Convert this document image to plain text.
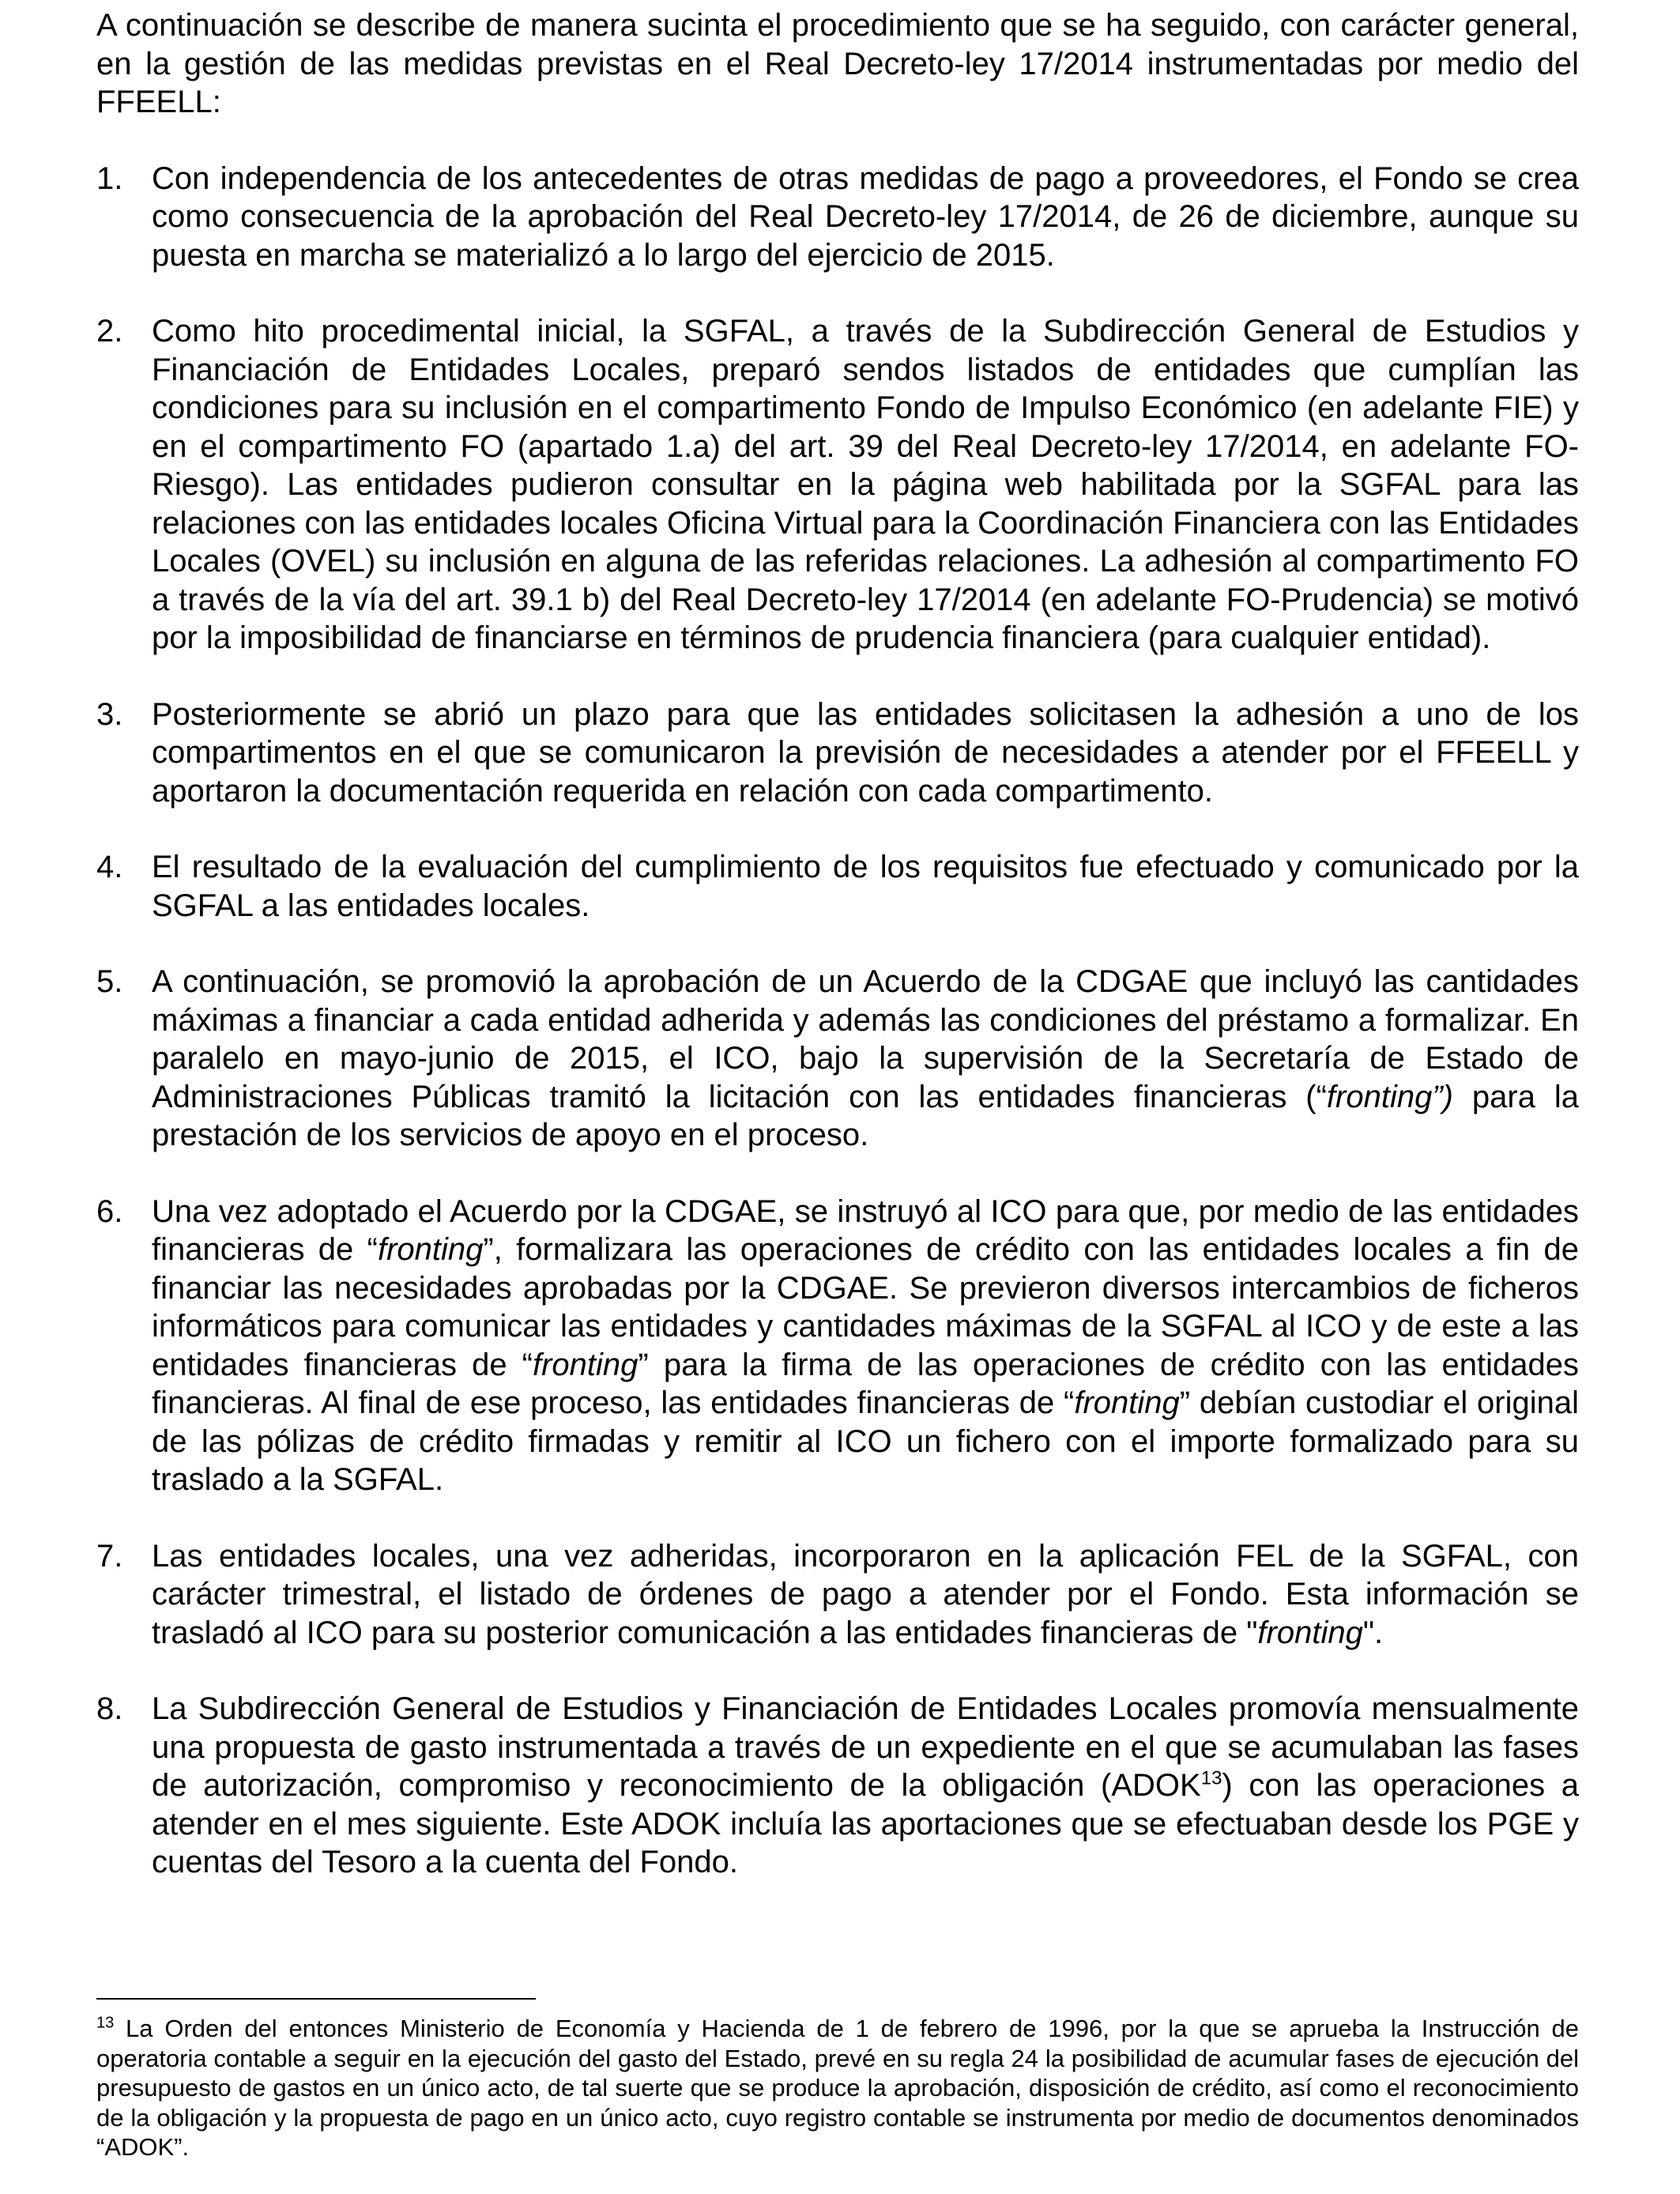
A continuación se describe de manera sucinta el procedimiento que se ha seguido, con carácter general, en la gestión de las medidas previstas en el Real Decreto-ley 17/2014 instrumentadas por medio del FFEELL:

1. Con independencia de los antecedentes de otras medidas de pago a proveedores, el Fondo se crea como consecuencia de la aprobación del Real Decreto-ley 17/2014, de 26 de diciembre, aunque su puesta en marcha se materializó a lo largo del ejercicio de 2015.

2. Como hito procedimental inicial, la SGFAL, a través de la Subdirección General de Estudios y Financiación de Entidades Locales, preparó sendos listados de entidades que cumplían las condiciones para su inclusión en el compartimento Fondo de Impulso Económico (en adelante FIE) y en el compartimento FO (apartado 1.a) del art. 39 del Real Decreto-ley 17/2014, en adelante FO-Riesgo). Las entidades pudieron consultar en la página web habilitada por la SGFAL para las relaciones con las entidades locales Oficina Virtual para la Coordinación Financiera con las Entidades Locales (OVEL) su inclusión en alguna de las referidas relaciones. La adhesión al compartimento FO a través de la vía del art. 39.1 b) del Real Decreto-ley 17/2014 (en adelante FO-Prudencia) se motivó por la imposibilidad de financiarse en términos de prudencia financiera (para cualquier entidad).

3. Posteriormente se abrió un plazo para que las entidades solicitasen la adhesión a uno de los compartimentos en el que se comunicaron la previsión de necesidades a atender por el FFEELL y aportaron la documentación requerida en relación con cada compartimento.

4. El resultado de la evaluación del cumplimiento de los requisitos fue efectuado y comunicado por la SGFAL a las entidades locales.

5. A continuación, se promovió la aprobación de un Acuerdo de la CDGAE que incluyó las cantidades máximas a financiar a cada entidad adherida y además las condiciones del préstamo a formalizar. En paralelo en mayo-junio de 2015, el ICO, bajo la supervisión de la Secretaría de Estado de Administraciones Públicas tramitó la licitación con las entidades financieras (“fronting”) para la prestación de los servicios de apoyo en el proceso.

6. Una vez adoptado el Acuerdo por la CDGAE, se instruyó al ICO para que, por medio de las entidades financieras de “fronting”, formalizara las operaciones de crédito con las entidades locales a fin de financiar las necesidades aprobadas por la CDGAE. Se previeron diversos intercambios de ficheros informáticos para comunicar las entidades y cantidades máximas de la SGFAL al ICO y de este a las entidades financieras de “fronting” para la firma de las operaciones de crédito con las entidades financieras. Al final de ese proceso, las entidades financieras de “fronting” debían custodiar el original de las pólizas de crédito firmadas y remitir al ICO un fichero con el importe formalizado para su traslado a la SGFAL.

7. Las entidades locales, una vez adheridas, incorporaron en la aplicación FEL de la SGFAL, con carácter trimestral, el listado de órdenes de pago a atender por el Fondo. Esta información se trasladó al ICO para su posterior comunicación a las entidades financieras de "fronting".

8. La Subdirección General de Estudios y Financiación de Entidades Locales promovía mensualmente una propuesta de gasto instrumentada a través de un expediente en el que se acumulaban las fases de autorización, compromiso y reconocimiento de la obligación (ADOK$^{13}$) con las operaciones a atender en el mes siguiente. Este ADOK incluía las aportaciones que se efectuaban desde los PGE y cuentas del Tesoro a la cuenta del Fondo.

$^{13}$ La Orden del entonces Ministerio de Economía y Hacienda de 1 de febrero de 1996, por la que se aprueba la Instrucción de operatoria contable a seguir en la ejecución del gasto del Estado, prevé en su regla 24 la posibilidad de acumular fases de ejecución del presupuesto de gastos en un único acto, de tal suerte que se produce la aprobación, disposición de crédito, así como el reconocimiento de la obligación y la propuesta de pago en un único acto, cuyo registro contable se instrumenta por medio de documentos denominados “ADOK”.
